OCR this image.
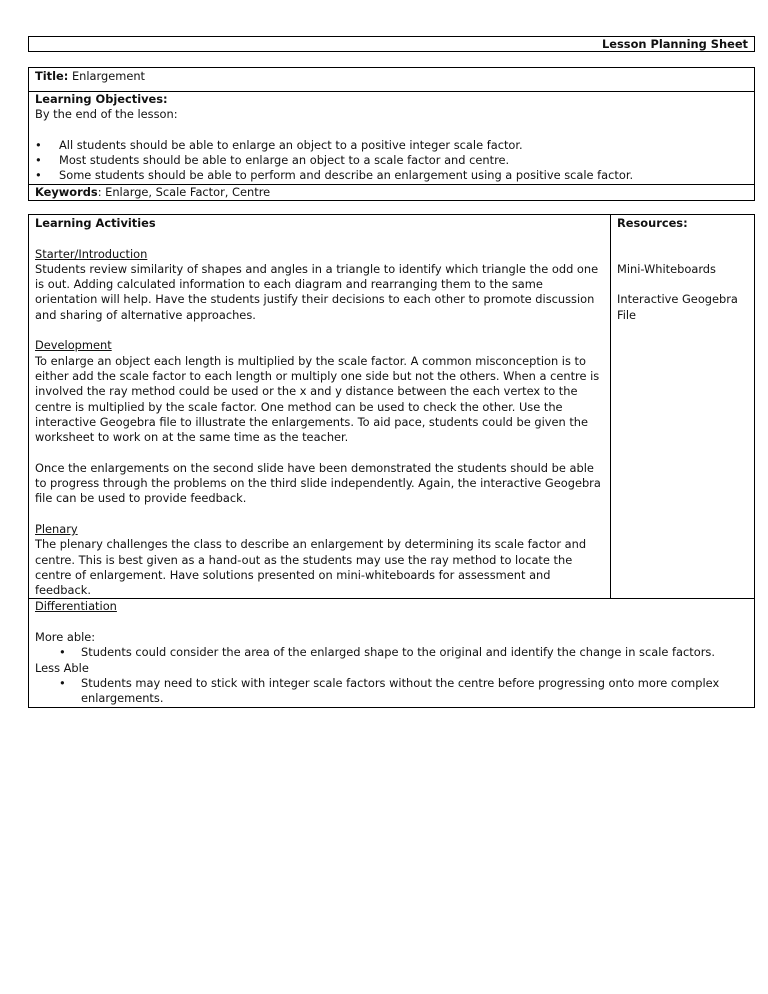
Lesson Planning Sheet
Title: Enlargement

Learning Objectives:

By the end of the lesson:

• All students should be able to enlarge an object to a positive integer scale factor.
• Most students should be able to enlarge an object to a scale factor and centre.
• Some students should be able to perform and describe an enlargement using a positive scale factor.

Keywords: Enlarge, Scale Factor, Centre

Learning Activities

Starter/Introduction

Students review similarity of shapes and angles in a triangle to identify which triangle the odd one is out. Adding calculated information to each diagram and rearranging them to the same orientation will help. Have the students justify their decisions to each other to promote discussion and sharing of alternative approaches.

Development

To enlarge an object each length is multiplied by the scale factor. A common misconception is to either add the scale factor to each length or multiply one side but not the others. When a centre is involved the ray method could be used or the x and y distance between the each vertex to the centre is multiplied by the scale factor. One method can be used to check the other. Use the interactive Geogebra file to illustrate the enlargements. To aid pace, students could be given the worksheet to work on at the same time as the teacher.

Once the enlargements on the second slide have been demonstrated the students should be able to progress through the problems on the third slide independently. Again, the interactive Geogebra file can be used to provide feedback.

Plenary

The plenary challenges the class to describe an enlargement by determining its scale factor and centre. This is best given as a hand-out as the students may use the ray method to locate the centre of enlargement. Have solutions presented on mini-whiteboards for assessment and feedback.

Resources:

Mini-Whiteboards

Interactive Geogebra File

Differentiation

More able:

• Students could consider the area of the enlarged shape to the original and identify the change in scale factors.

Less Able

• Students may need to stick with integer scale factors without the centre before progressing onto more complex enlargements.
